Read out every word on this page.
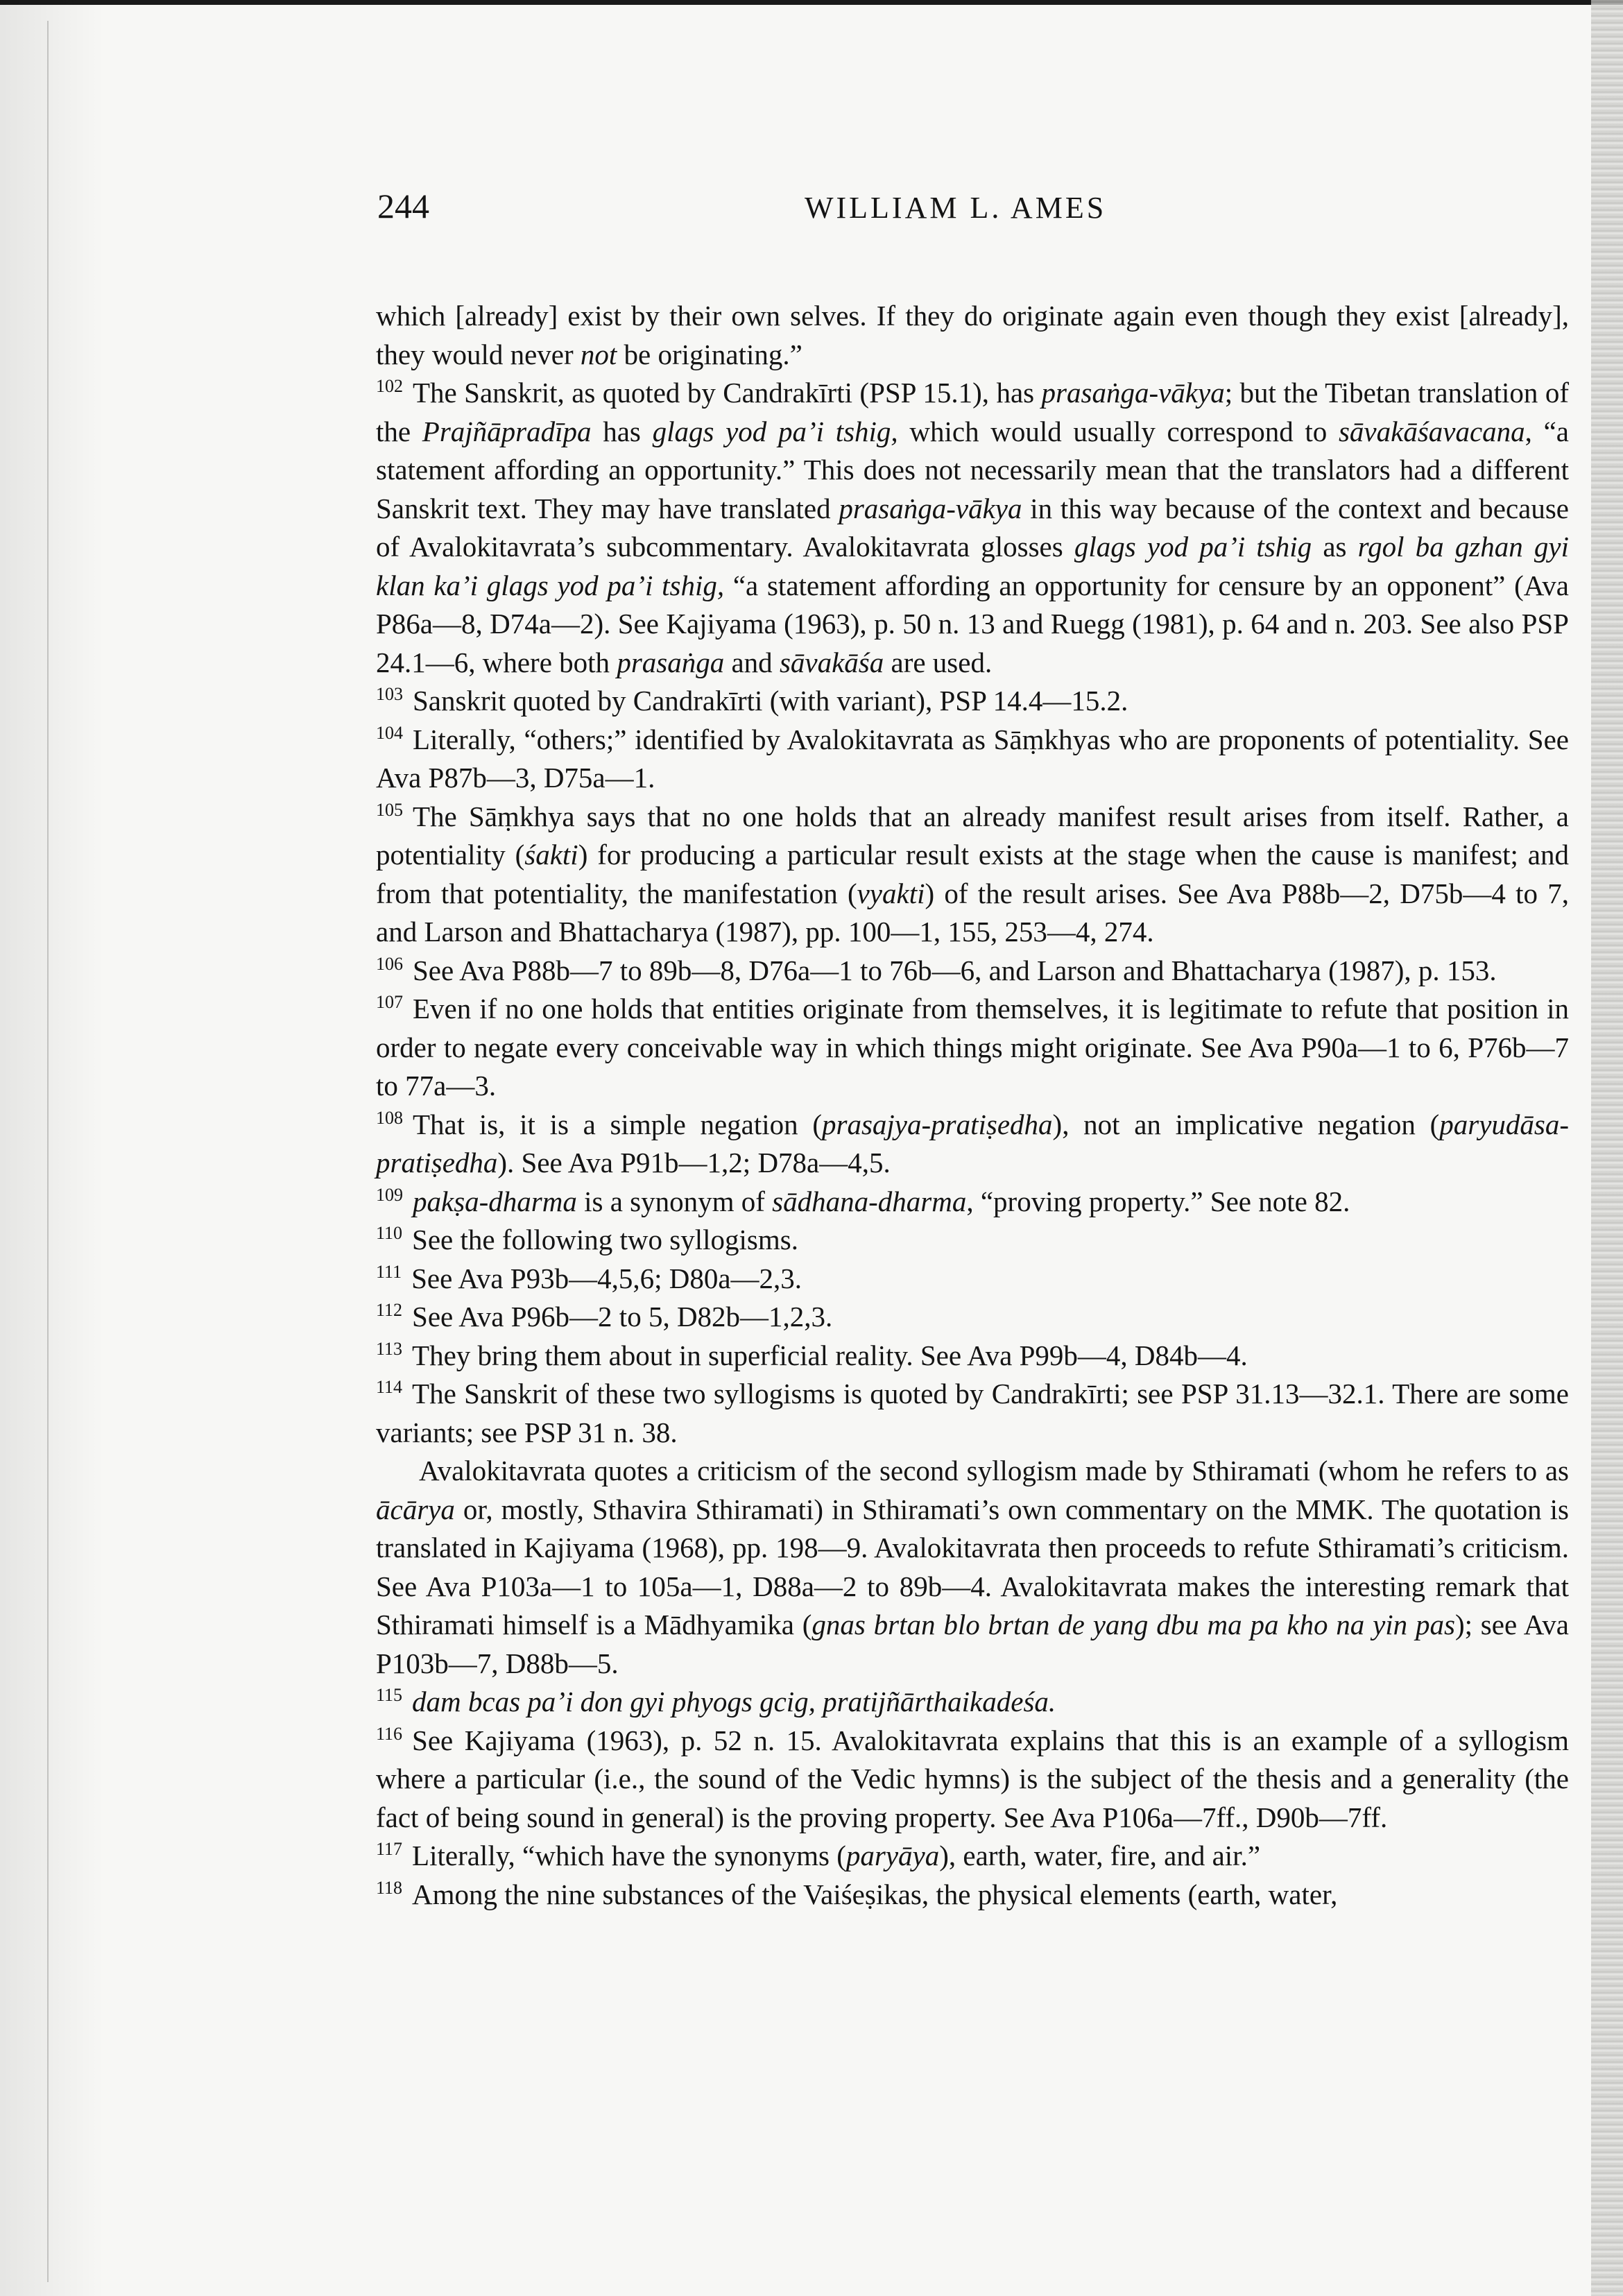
244	WILLIAM L. AMES

which [already] exist by their own selves. If they do originate again even though they exist [already], they would never not be originating.”

$^{102}$ The Sanskrit, as quoted by Candrakīrti (PSP 15.1), has prasaṅga-vākya; but the Tibetan translation of the Prajñāpradīpa has glags yod pa’i tshig, which would usually correspond to sāvakāśavacana, “a statement affording an opportunity.” This does not necessarily mean that the translators had a different Sanskrit text. They may have translated prasaṅga-vākya in this way because of the context and because of Avalokitavrata’s subcommentary. Avalokitavrata glosses glags yod pa’i tshig as rgol ba gzhan gyi klan ka’i glags yod pa’i tshig, “a statement affording an opportunity for censure by an opponent” (Ava P86a—8, D74a—2). See Kajiyama (1963), p. 50 n. 13 and Ruegg (1981), p. 64 and n. 203. See also PSP 24.1—6, where both prasaṅga and sāvakāśa are used.

$^{103}$ Sanskrit quoted by Candrakīrti (with variant), PSP 14.4—15.2.

$^{104}$ Literally, “others;” identified by Avalokitavrata as Sāṃkhyas who are proponents of potentiality. See Ava P87b—3, D75a—1.

$^{105}$ The Sāṃkhya says that no one holds that an already manifest result arises from itself. Rather, a potentiality (śakti) for producing a particular result exists at the stage when the cause is manifest; and from that potentiality, the manifestation (vyakti) of the result arises. See Ava P88b—2, D75b—4 to 7, and Larson and Bhattacharya (1987), pp. 100—1, 155, 253—4, 274.

$^{106}$ See Ava P88b—7 to 89b—8, D76a—1 to 76b—6, and Larson and Bhattacharya (1987), p. 153.

$^{107}$ Even if no one holds that entities originate from themselves, it is legitimate to refute that position in order to negate every conceivable way in which things might originate. See Ava P90a—1 to 6, P76b—7 to 77a—3.

$^{108}$ That is, it is a simple negation (prasajya-pratiṣedha), not an implicative negation (paryudāsa-pratiṣedha). See Ava P91b—1,2; D78a—4,5.

$^{109}$ pakṣa-dharma is a synonym of sādhana-dharma, “proving property.” See note 82.

$^{110}$ See the following two syllogisms.

$^{111}$ See Ava P93b—4,5,6; D80a—2,3.

$^{112}$ See Ava P96b—2 to 5, D82b—1,2,3.

$^{113}$ They bring them about in superficial reality. See Ava P99b—4, D84b—4.

$^{114}$ The Sanskrit of these two syllogisms is quoted by Candrakīrti; see PSP 31.13—32.1. There are some variants; see PSP 31 n. 38.

Avalokitavrata quotes a criticism of the second syllogism made by Sthiramati (whom he refers to as ācārya or, mostly, Sthavira Sthiramati) in Sthiramati’s own commentary on the MMK. The quotation is translated in Kajiyama (1968), pp. 198—9. Avalokitavrata then proceeds to refute Sthiramati’s criticism. See Ava P103a—1 to 105a—1, D88a—2 to 89b—4. Avalokitavrata makes the interesting remark that Sthiramati himself is a Mādhyamika (gnas brtan blo brtan de yang dbu ma pa kho na yin pas); see Ava P103b—7, D88b—5.

$^{115}$ dam bcas pa’i don gyi phyogs gcig, pratijñārthaikadeśa.

$^{116}$ See Kajiyama (1963), p. 52 n. 15. Avalokitavrata explains that this is an example of a syllogism where a particular (i.e., the sound of the Vedic hymns) is the subject of the thesis and a generality (the fact of being sound in general) is the proving property. See Ava P106a—7ff., D90b—7ff.

$^{117}$ Literally, “which have the synonyms (paryāya), earth, water, fire, and air.”

$^{118}$ Among the nine substances of the Vaiśeṣikas, the physical elements (earth, water,
